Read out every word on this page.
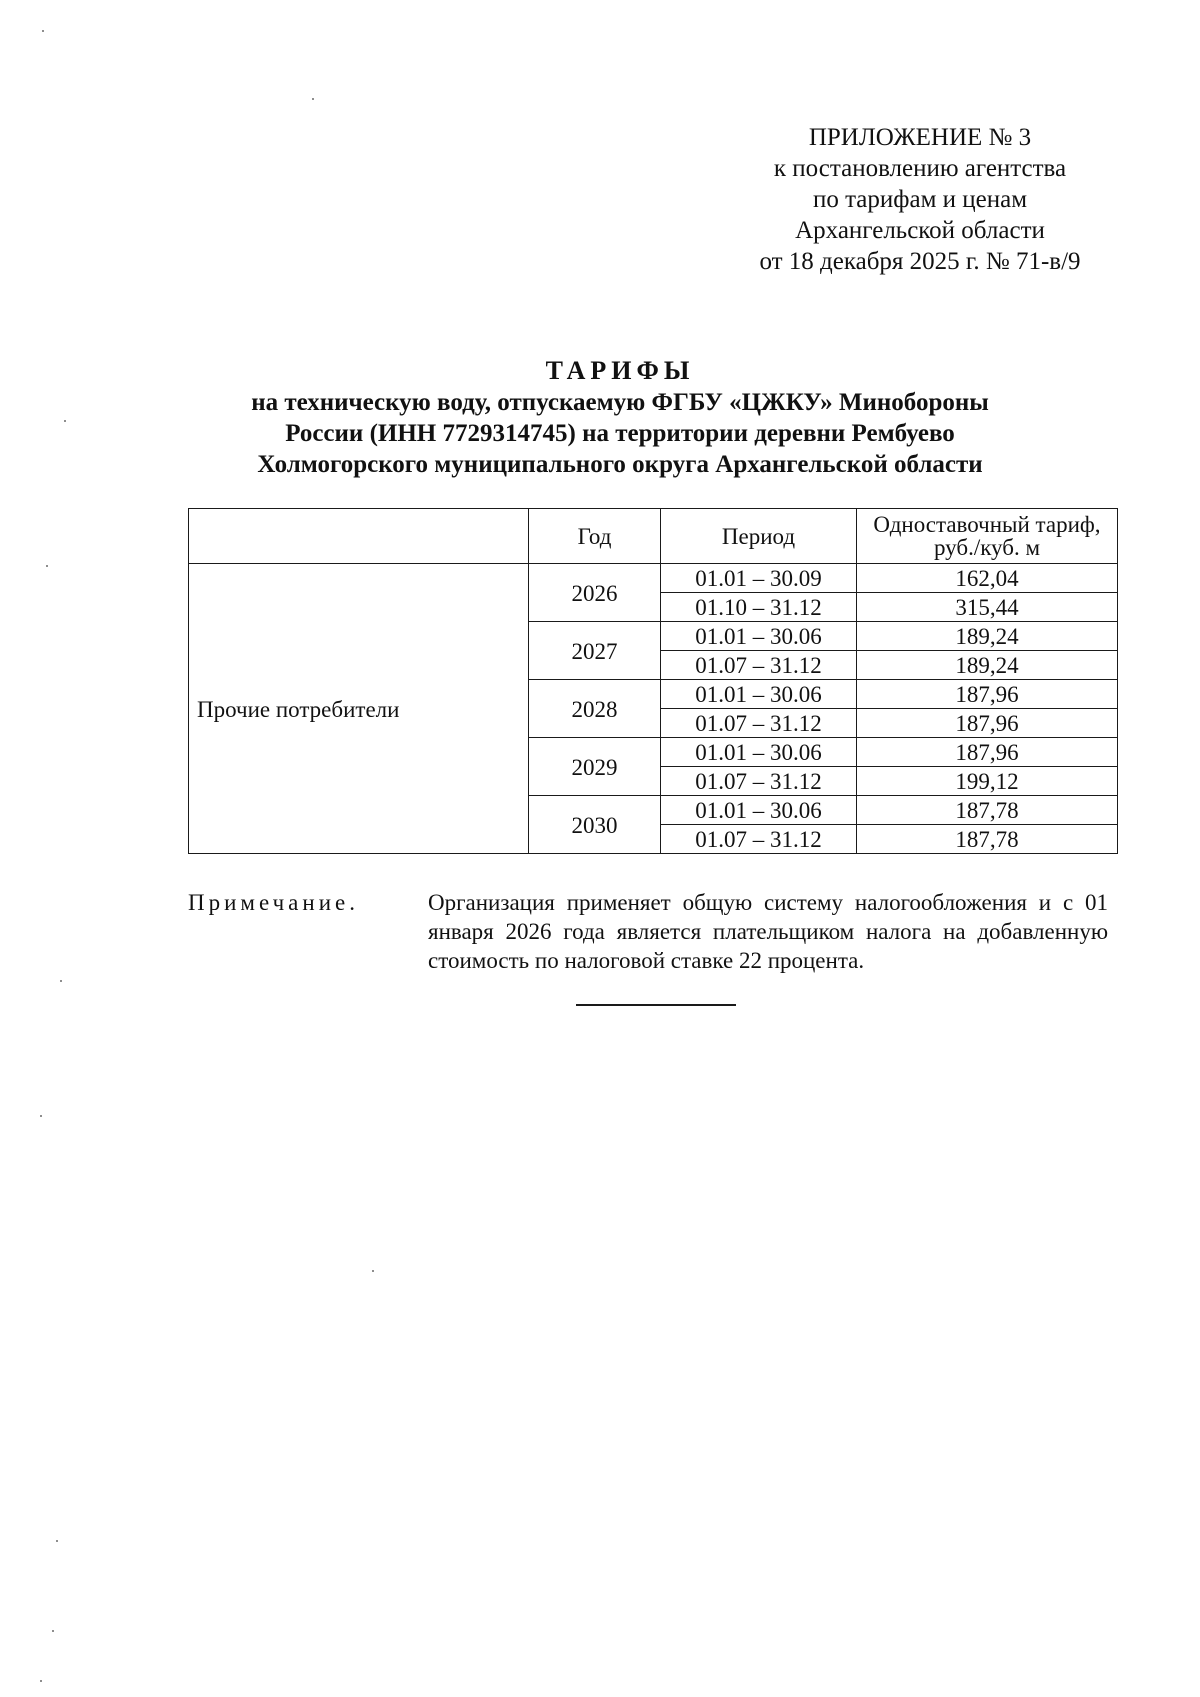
ПРИЛОЖЕНИЕ № 3
к постановлению агентства
по тарифам и ценам
Архангельской области
от 18 декабря 2025 г. № 71-в/9
ТАРИФЫ
на техническую воду, отпускаемую ФГБУ «ЦЖКУ» Минобороны
России (ИНН 7729314745) на территории деревни Рембуево
Холмогорского муниципального округа Архангельской области
	Год	Период	Одноставочный тариф,
руб./куб. м

Прочие потребители	2026	01.01 – 30.09	162,04
		01.10 – 31.12	315,44
	2027	01.01 – 30.06	189,24
		01.07 – 31.12	189,24
	2028	01.01 – 30.06	187,96
		01.07 – 31.12	187,96
	2029	01.01 – 30.06	187,96
		01.07 – 31.12	199,12
	2030	01.01 – 30.06	187,78
		01.07 – 31.12	187,78
Примечание.	Организация применяет общую систему налогообложения и с 01 января 2026 года является плательщиком налога на добавленную стоимость по налоговой ставке 22 процента.
